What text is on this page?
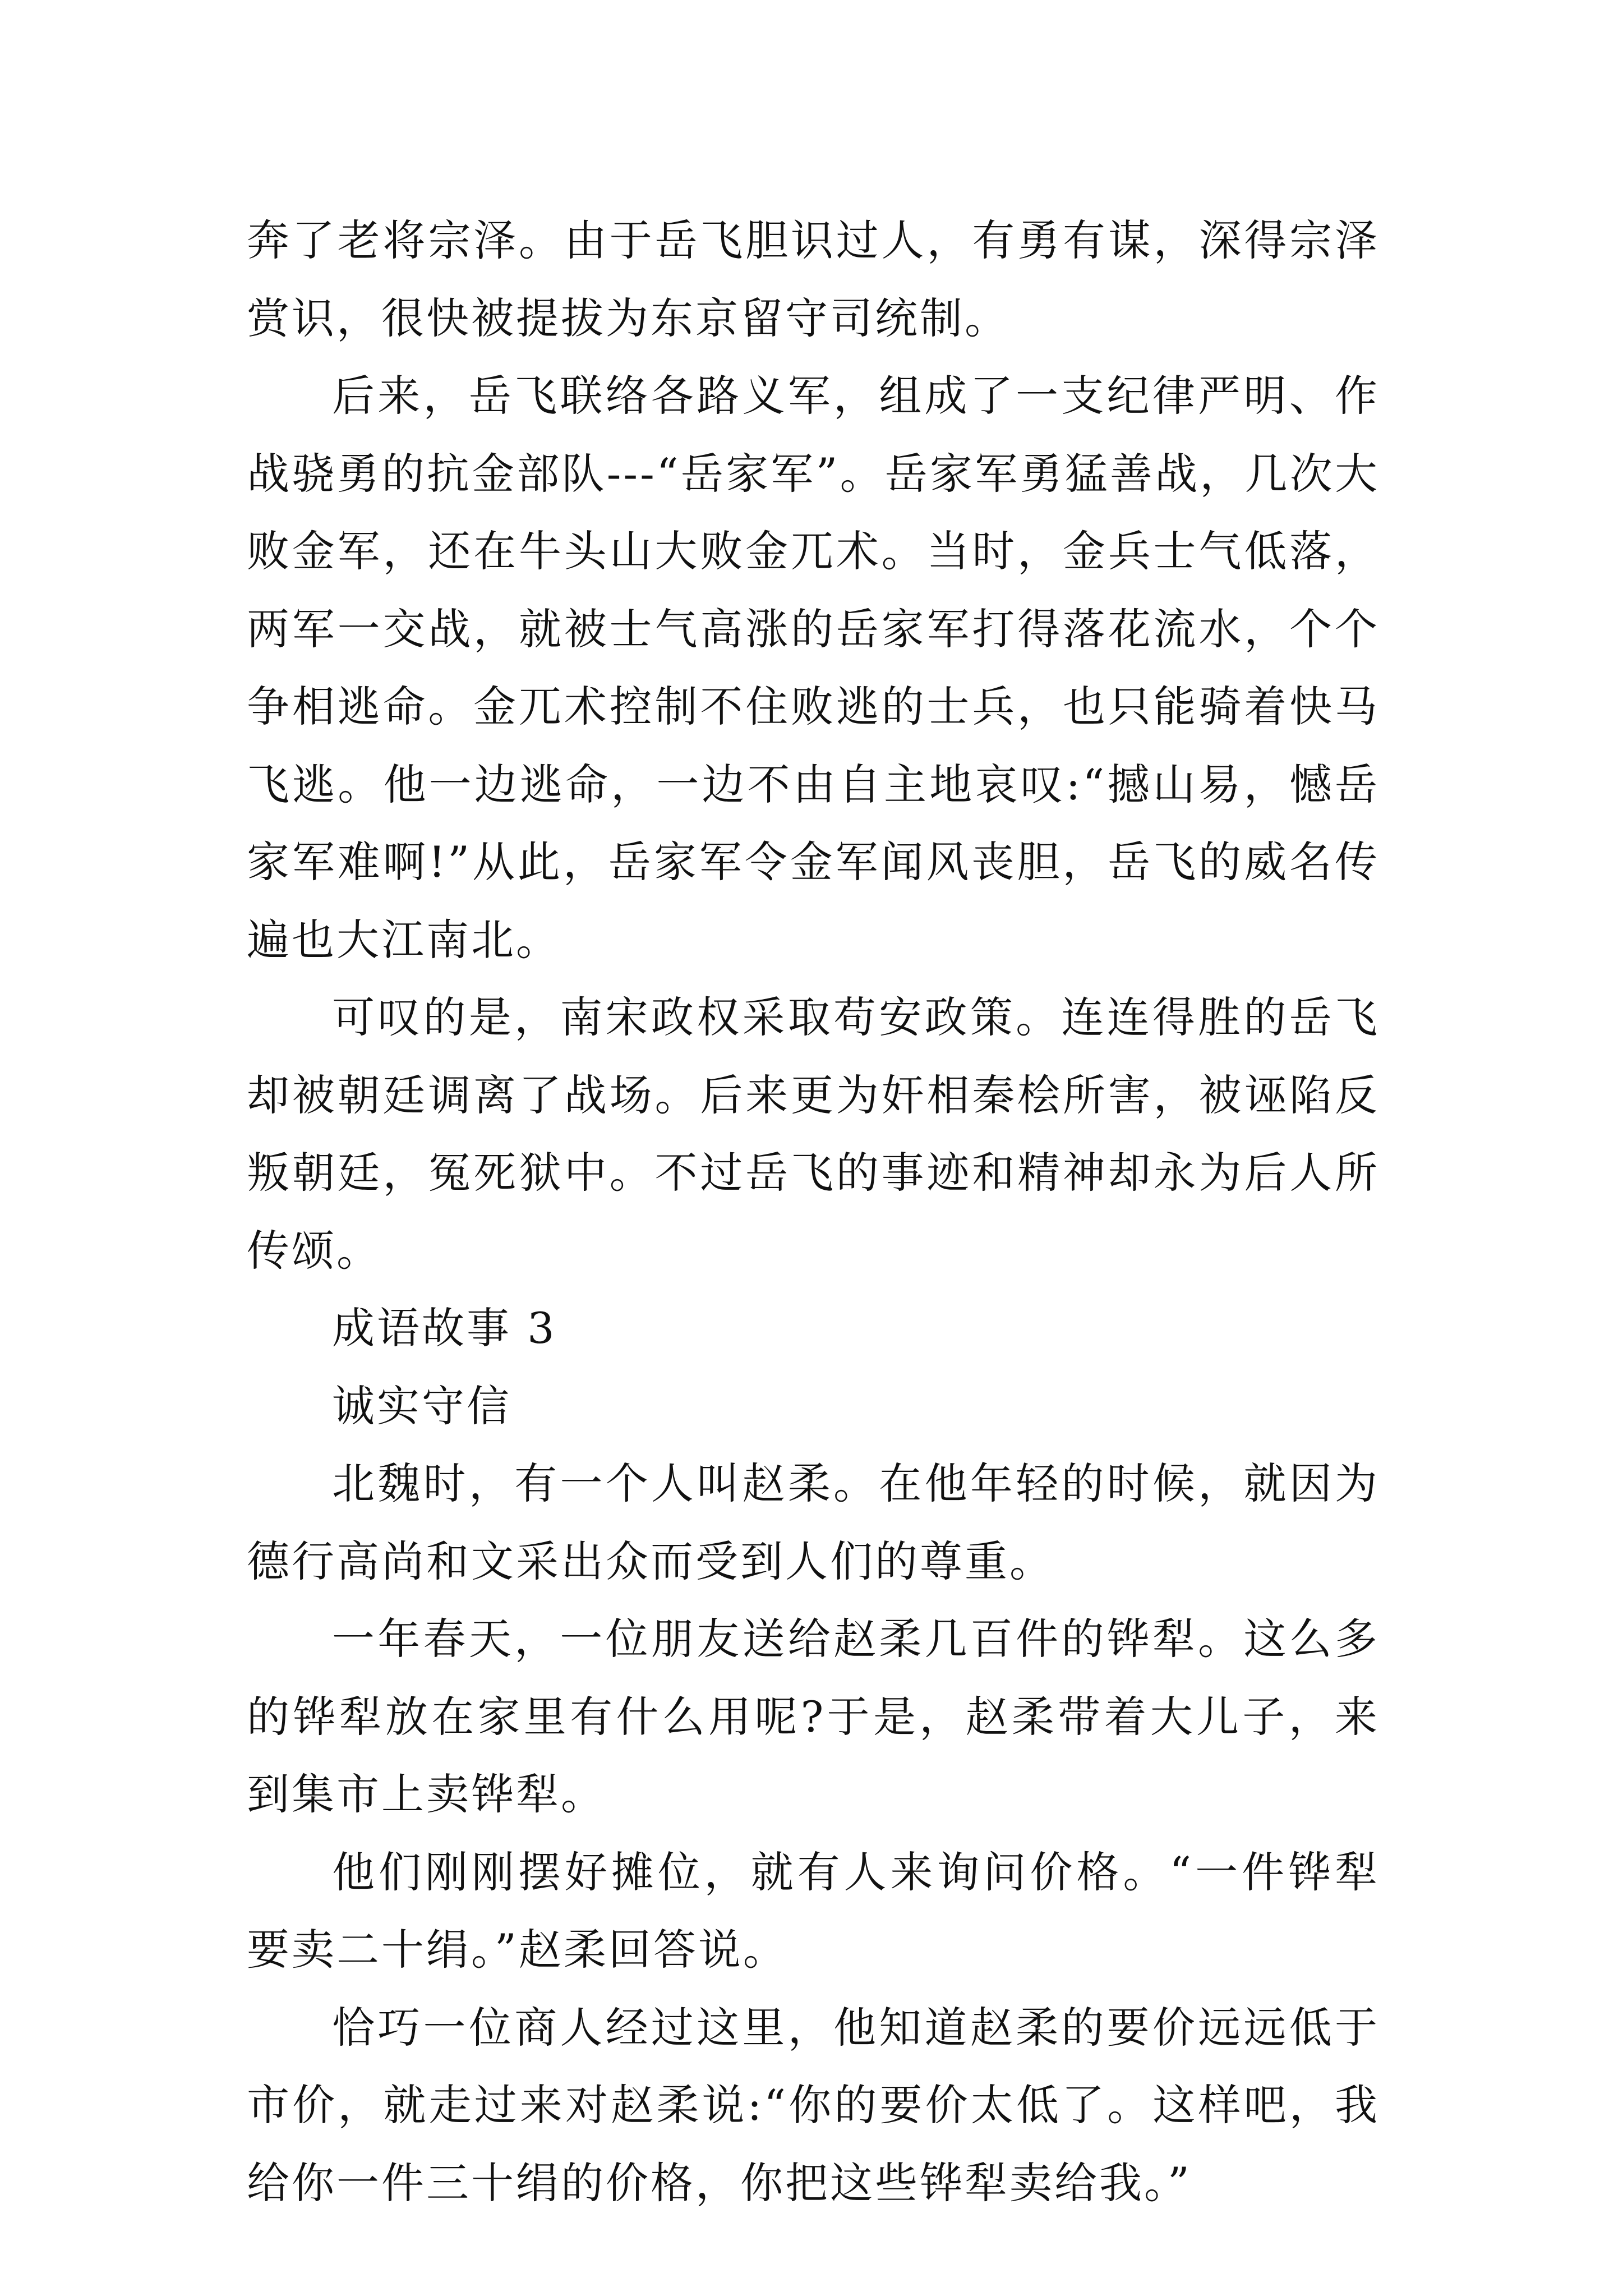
奔了老将宗泽。由于岳飞胆识过人，有勇有谋，深得宗泽赏识，很快被提拔为东京留守司统制。

后来，岳飞联络各路义军，组成了一支纪律严明、作战骁勇的抗金部队---“岳家军”。岳家军勇猛善战，几次大败金军，还在牛头山大败金兀术。当时，金兵士气低落，两军一交战，就被士气高涨的岳家军打得落花流水，个个争相逃命。金兀术控制不住败逃的士兵，也只能骑着快马飞逃。他一边逃命，一边不由自主地哀叹:“撼山易，憾岳家军难啊!”从此，岳家军令金军闻风丧胆，岳飞的威名传遍也大江南北。

可叹的是，南宋政权采取苟安政策。连连得胜的岳飞却被朝廷调离了战场。后来更为奸相秦桧所害，被诬陷反叛朝廷，冤死狱中。不过岳飞的事迹和精神却永为后人所传颂。

成语故事 3

诚实守信

北魏时，有一个人叫赵柔。在他年轻的时候，就因为德行高尚和文采出众而受到人们的尊重。

一年春天，一位朋友送给赵柔几百件的铧犁。这么多的铧犁放在家里有什么用呢?于是，赵柔带着大儿子，来到集市上卖铧犁。

他们刚刚摆好摊位，就有人来询问价格。“一件铧犁要卖二十绢。”赵柔回答说。

恰巧一位商人经过这里，他知道赵柔的要价远远低于市价，就走过来对赵柔说:“你的要价太低了。这样吧，我给你一件三十绢的价格，你把这些铧犁卖给我。”
